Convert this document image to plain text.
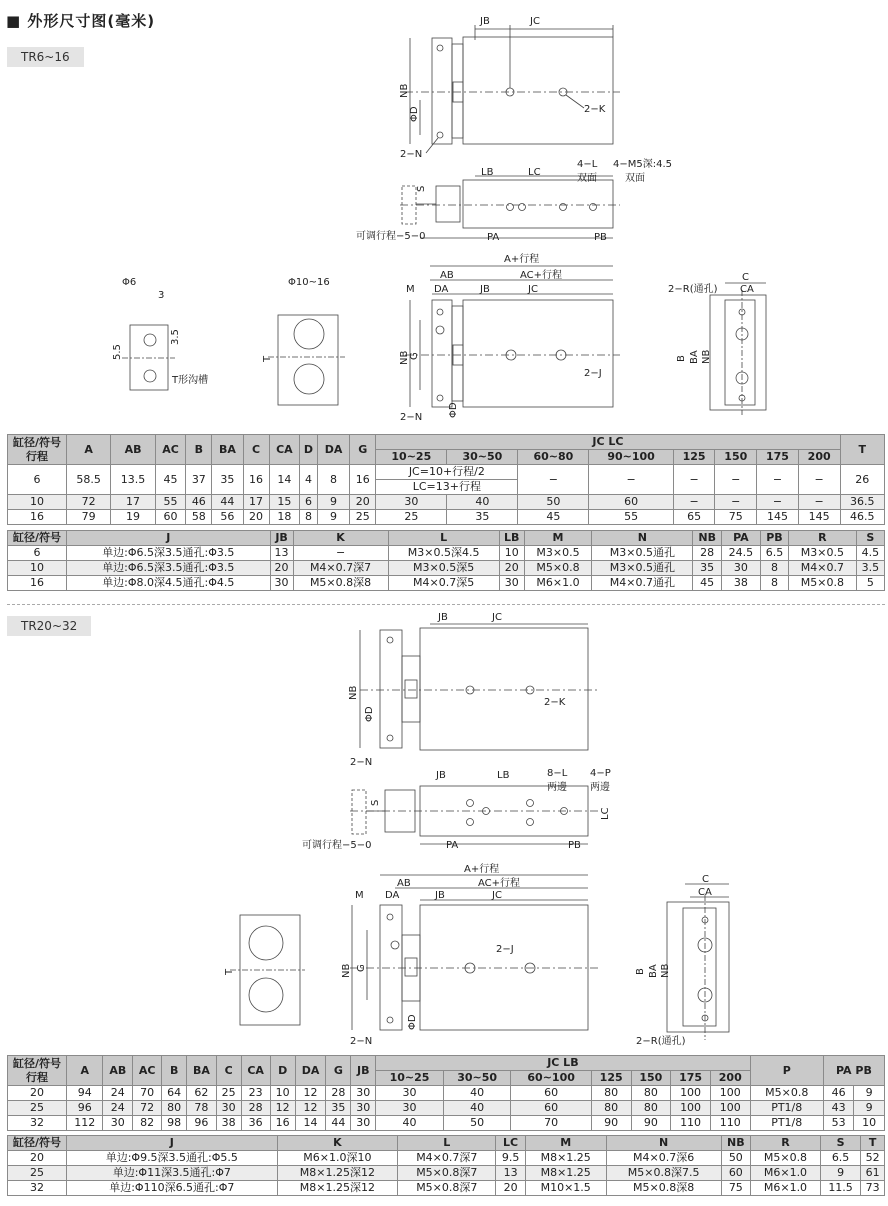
■ 外形尺寸图(毫米)
TR6~16
JB	JC
NB
ΦD	2−K
2−N
LB	LC
4−L
双面
4−M5深:4.5
双面
S
可调行程−5−0	PA	PB
Φ6
3
3.5
5.5
T形沟槽
Φ10~16
T
A+行程
AB	AC+行程
M DA	JB	JC
NB G
2−J
2−N	ΦD
2−R(通孔)
C
CA
B BA NB
JB	JC
NB
ΦD
2−K
2−N
JB	LB	8−L
两邊
4−P
两邊
S
LC
可调行程−5−0	PA	PB
T
A+行程
AB	AC+行程
M DA	JB	JC
NB G
2−J
2−N
ΦD
C
CA
B BA NB
2−R(通孔)
缸径/符号
行程	A	AB	AC	B	BA	C	CA	D	DA	G	JC LC								T
											10~25	30~50	60~80	90~100	125	150	175	200	
6	58.5	13.5	45	37	35	16	14	4	8	16	JC=10+行程/2		−	−	−	−	−	−	26
											LC=13+行程								
10	72	17	55	46	44	17	15	6	9	20	30	40	50	60	−	−	−	−	36.5
16	79	19	60	58	56	20	18	8	9	25	25	35	45	55	65	75	145	145	46.5
缸径/符号	J	JB	K	L	LB	M	N	NB	PA	PB	R	S
6	单边:Φ6.5深3.5通孔:Φ3.5	13	−	M3×0.5深4.5	10	M3×0.5	M3×0.5通孔	28	24.5	6.5	M3×0.5	4.5
10	单边:Φ6.5深3.5通孔:Φ3.5	20	M4×0.7深7	M3×0.5深5	20	M5×0.8	M3×0.5通孔	35	30	8	M4×0.7	3.5
16	单边:Φ8.0深4.5通孔:Φ4.5	30	M5×0.8深8	M4×0.7深5	30	M6×1.0	M4×0.7通孔	45	38	8	M5×0.8	5
TR20~32
缸径/符号
行程	A	AB	AC	B	BA	C	CA	D	DA	G	JB	JC LB							P	PA PB	
												10~25	30~50	60~100	125	150	175	200			
20	94	24	70	64	62	25	23	10	12	28	30	30	40	60	80	80	100	100	M5×0.8	46	9
25	96	24	72	80	78	30	28	12	12	35	30	30	40	60	80	80	100	100	PT1/8	43	9
32	112	30	82	98	96	38	36	16	14	44	30	40	50	70	90	90	110	110	PT1/8	53	10
缸径/符号	J	K	L	LC	M	N	NB	R	S	T
20	单边:Φ9.5深3.5通孔:Φ5.5	M6×1.0深10	M4×0.7深7	9.5	M8×1.25	M4×0.7深6	50	M5×0.8	6.5	52
25	单边:Φ11深3.5通孔:Φ7	M8×1.25深12	M5×0.8深7	13	M8×1.25	M5×0.8深7.5	60	M6×1.0	9	61
32	单边:Φ110深6.5通孔:Φ7	M8×1.25深12	M5×0.8深7	20	M10×1.5	M5×0.8深8	75	M6×1.0	11.5	73
